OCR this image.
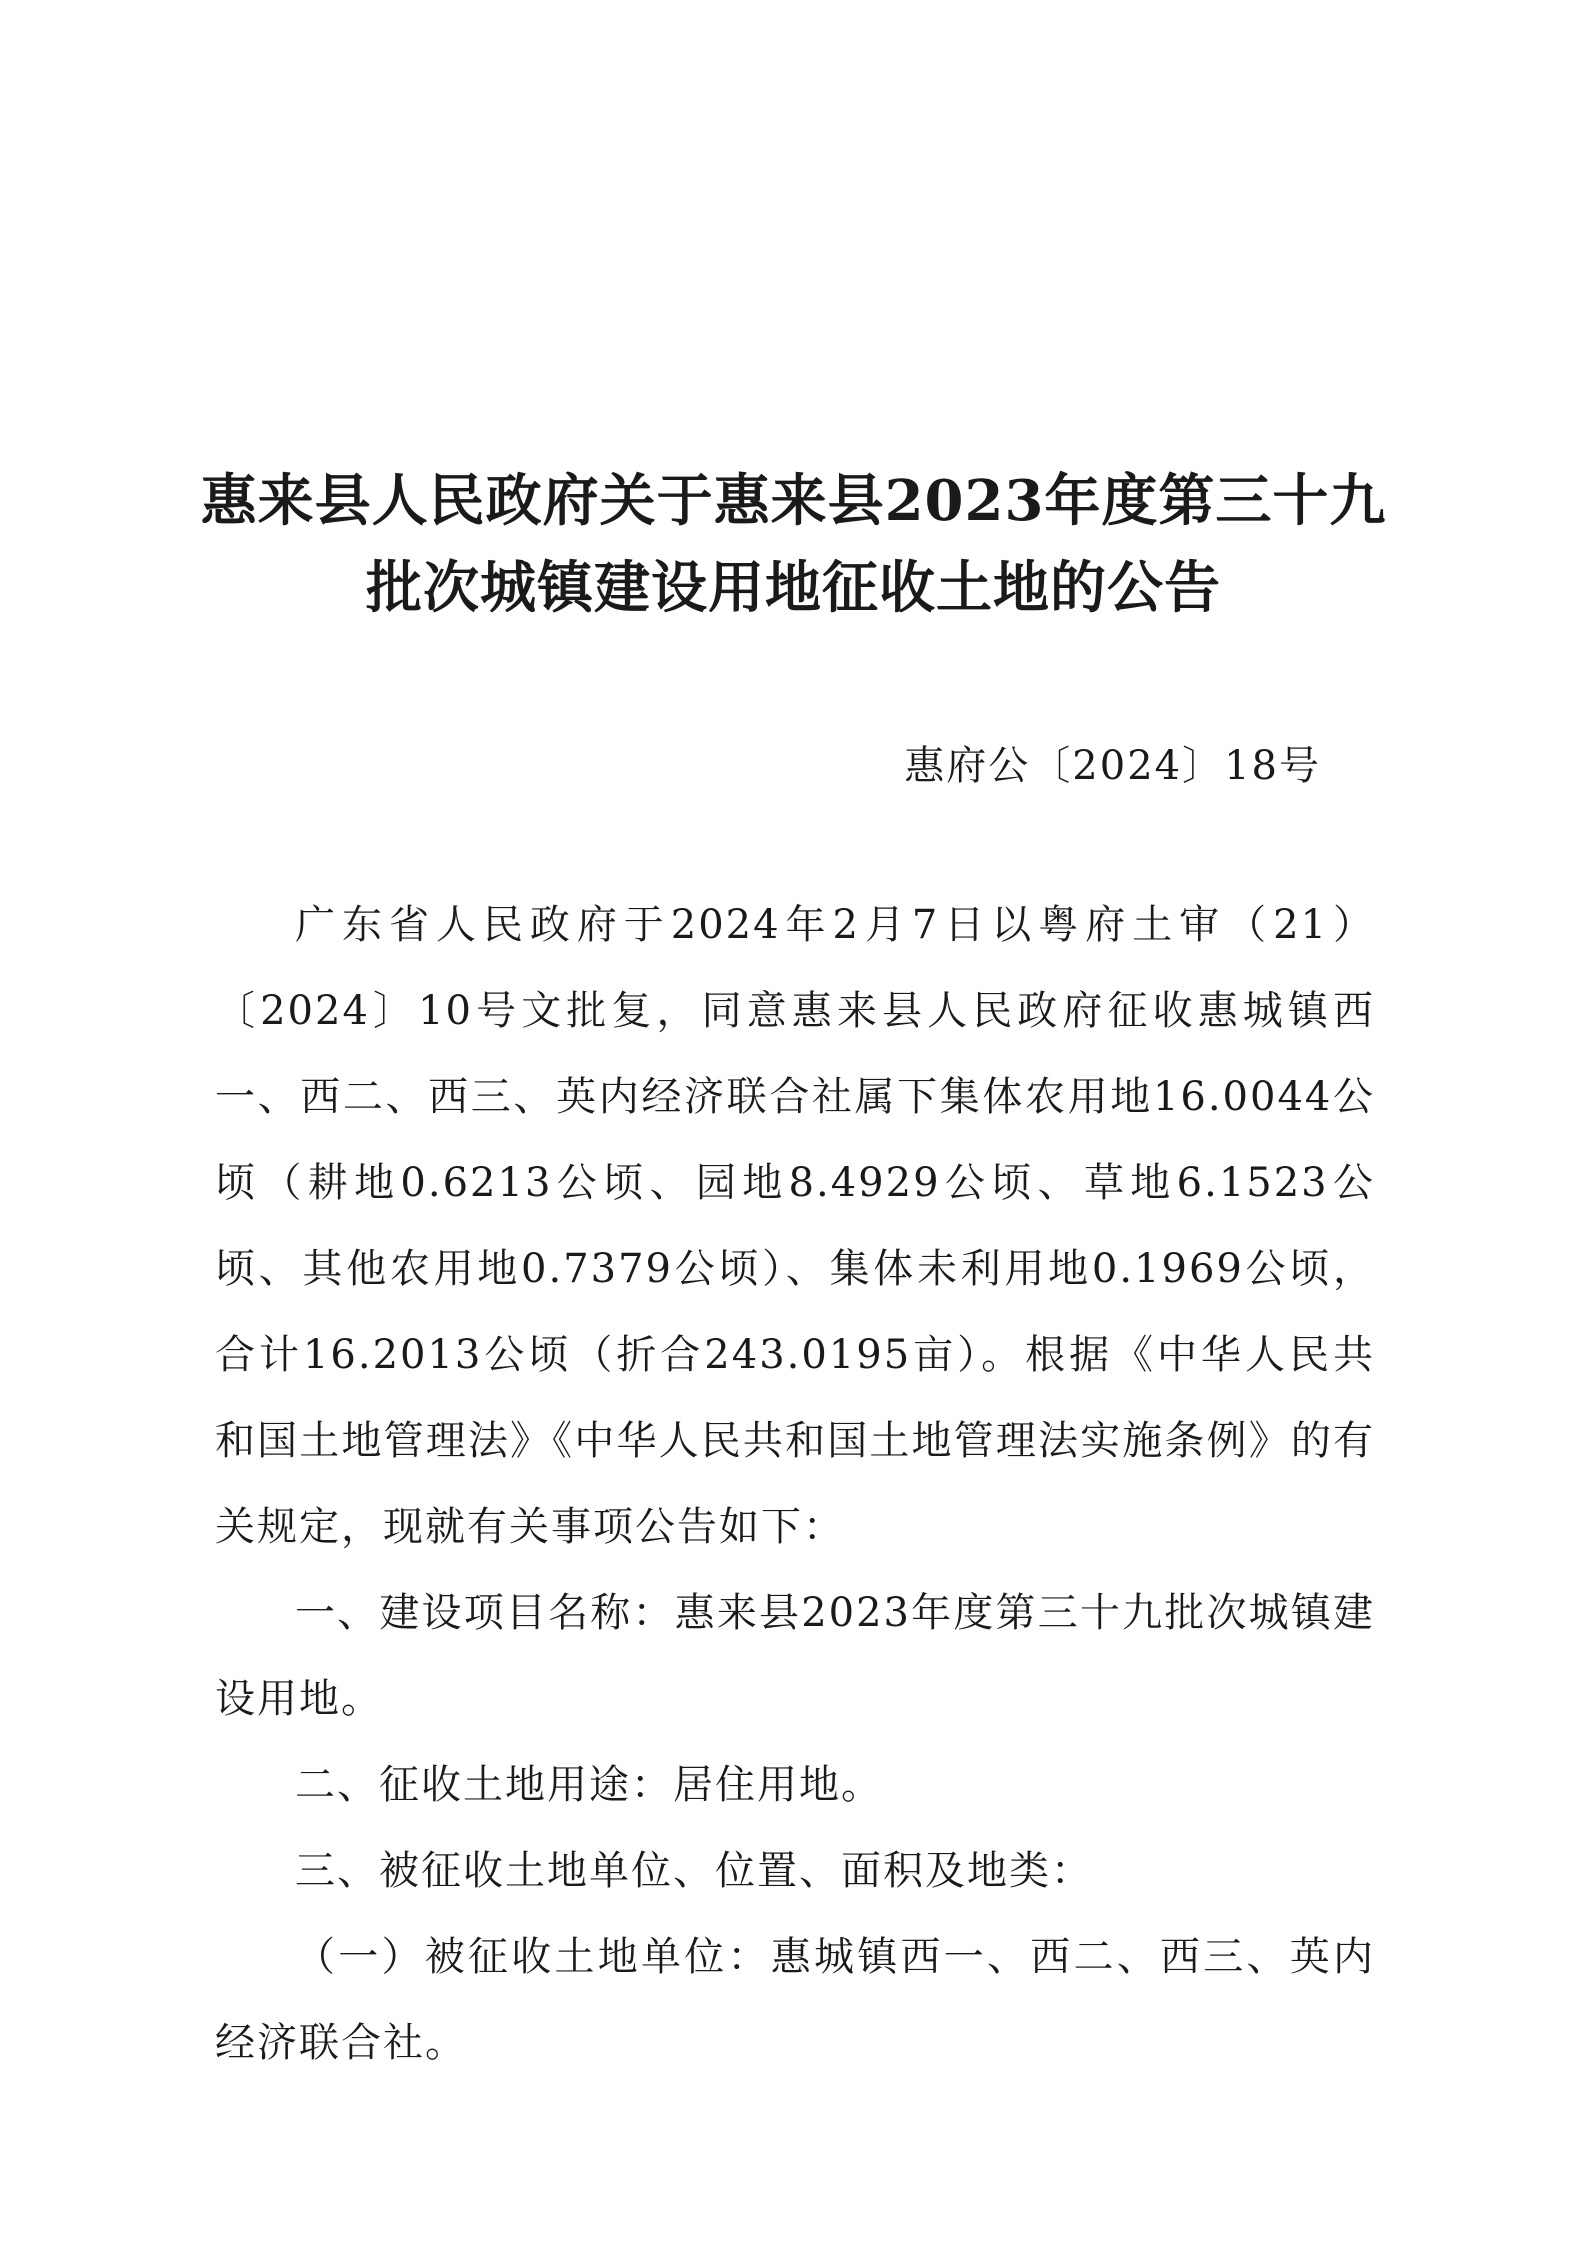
惠来县人民政府关于惠来县2023年度第三十九
批次城镇建设用地征收土地的公告
惠府公〔2024〕18号

广东省人民政府于2024年2月7日以粤府土审（21）〔2024〕10号文批复，同意惠来县人民政府征收惠城镇西一、西二、西三、英内经济联合社属下集体农用地16.0044公顷（耕地0.6213公顷、园地8.4929公顷、草地6.1523公顷、其他农用地0.7379公顷）、集体未利用地0.1969公顷，合计16.2013公顷（折合243.0195亩）。根据《中华人民共和国土地管理法》《中华人民共和国土地管理法实施条例》的有关规定，现就有关事项公告如下：

一、建设项目名称：惠来县2023年度第三十九批次城镇建设用地。

二、征收土地用途：居住用地。

三、被征收土地单位、位置、面积及地类：

（一）被征收土地单位：惠城镇西一、西二、西三、英内经济联合社。
